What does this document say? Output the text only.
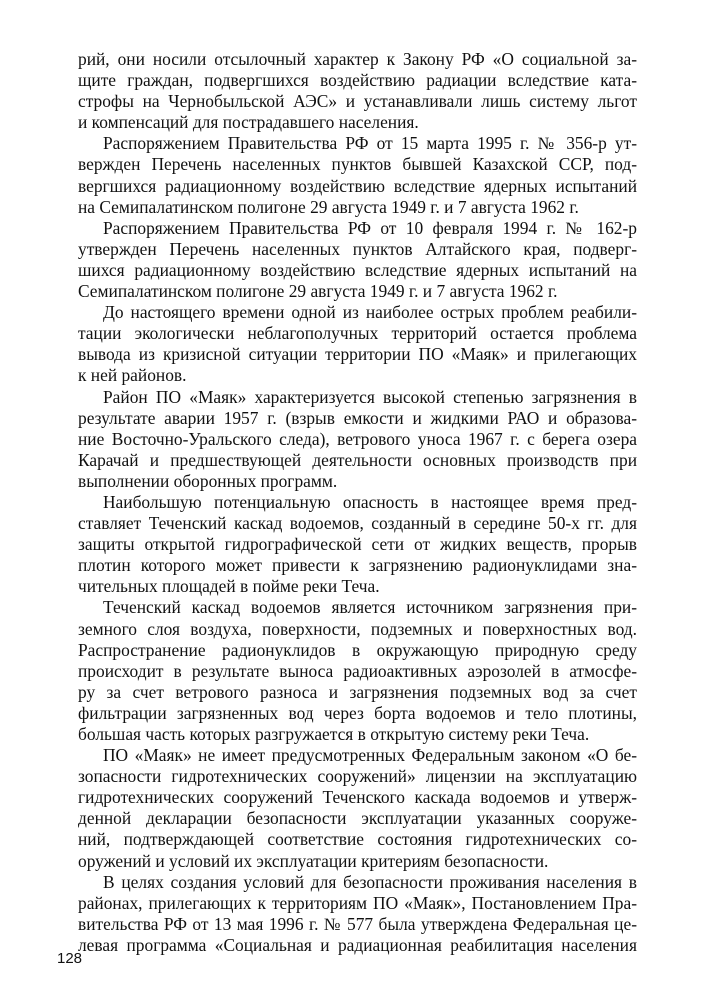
рий, они носили отсылочный характер к Закону РФ «О социальной за-
щите граждан, подвергшихся воздействию радиации вследствие ката-
строфы на Чернобыльской АЭС» и устанавливали лишь систему льгот
и компенсаций для пострадавшего населения.
Распоряжением Правительства РФ от 15 марта 1995 г. № 356-р ут-
вержден Перечень населенных пунктов бывшей Казахской ССР, под-
вергшихся радиационному воздействию вследствие ядерных испытаний
на Семипалатинском полигоне 29 августа 1949 г. и 7 августа 1962 г.
Распоряжением Правительства РФ от 10 февраля 1994 г. № 162-р
утвержден Перечень населенных пунктов Алтайского края, подверг-
шихся радиационному воздействию вследствие ядерных испытаний на
Семипалатинском полигоне 29 августа 1949 г. и 7 августа 1962 г.
До настоящего времени одной из наиболее острых проблем реабили-
тации экологически неблагополучных территорий остается проблема
вывода из кризисной ситуации территории ПО «Маяк» и прилегающих
к ней районов.
Район ПО «Маяк» характеризуется высокой степенью загрязнения в
результате аварии 1957 г. (взрыв емкости и жидкими РАО и образова-
ние Восточно-Уральского следа), ветрового уноса 1967 г. с берега озера
Карачай и предшествующей деятельности основных производств при
выполнении оборонных программ.
Наибольшую потенциальную опасность в настоящее время пред-
ставляет Теченский каскад водоемов, созданный в середине 50-х гг. для
защиты открытой гидрографической сети от жидких веществ, прорыв
плотин которого может привести к загрязнению радионуклидами зна-
чительных площадей в пойме реки Теча.
Теченский каскад водоемов является источником загрязнения при-
земного слоя воздуха, поверхности, подземных и поверхностных вод.
Распространение радионуклидов в окружающую природную среду
происходит в результате выноса радиоактивных аэрозолей в атмосфе-
ру за счет ветрового разноса и загрязнения подземных вод за счет
фильтрации загрязненных вод через борта водоемов и тело плотины,
большая часть которых разгружается в открытую систему реки Теча.
ПО «Маяк» не имеет предусмотренных Федеральным законом «О бе-
зопасности гидротехнических сооружений» лицензии на эксплуатацию
гидротехнических сооружений Теченского каскада водоемов и утверж-
денной декларации безопасности эксплуатации указанных сооруже-
ний, подтверждающей соответствие состояния гидротехнических со-
оружений и условий их эксплуатации критериям безопасности.
В целях создания условий для безопасности проживания населения в
районах, прилегающих к территориям ПО «Маяк», Постановлением Пра-
вительства РФ от 13 мая 1996 г. № 577 была утверждена Федеральная це-
левая программа «Социальная и радиационная реабилитация населения
128
